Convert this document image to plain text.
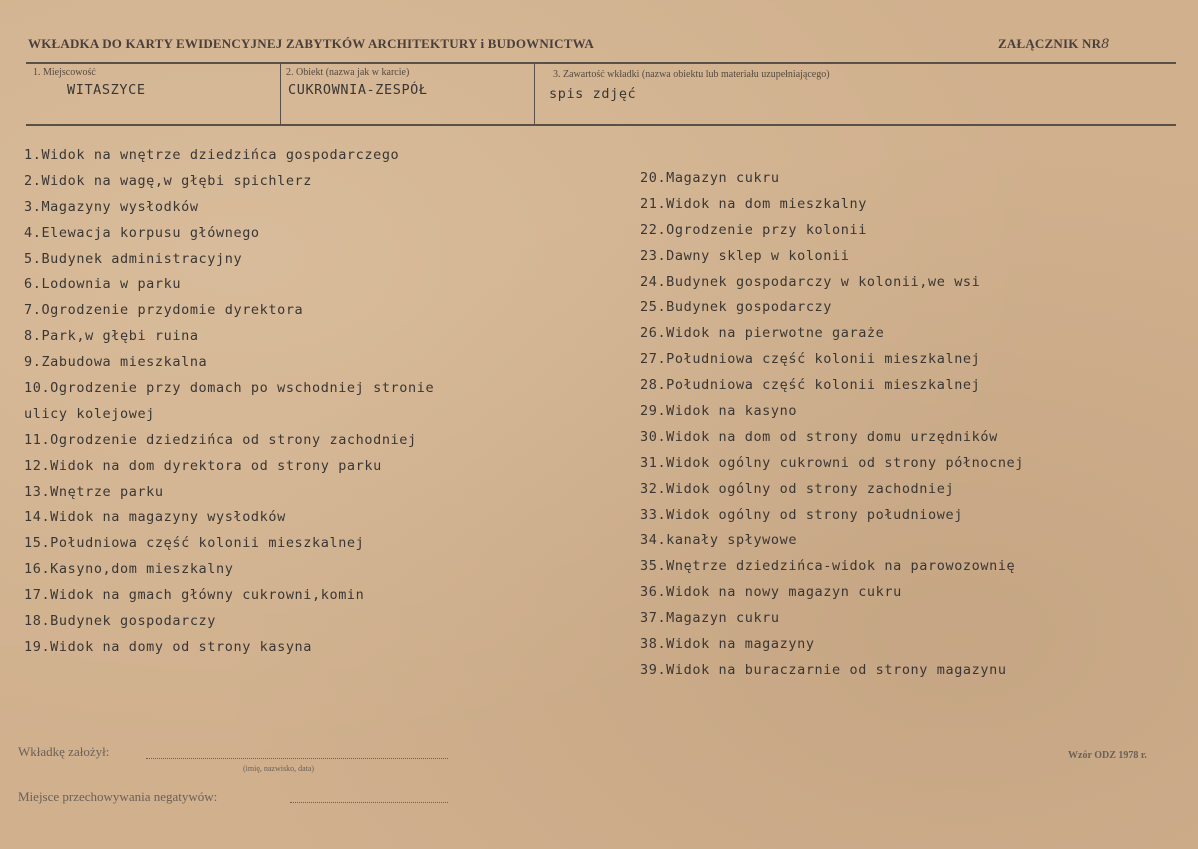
WKŁADKA DO KARTY EWIDENCYJNEJ ZABYTKÓW ARCHITEKTURY i BUDOWNICTWA	ZAŁĄCZNIK NR8
1. Miejscowość
WITASZYCE
2. Obiekt (nazwa jak w karcie)
CUKROWNIA-ZESPÓŁ
3. Zawartość wkładki (nazwa obiektu lub materiału uzupełniającego)
spis zdjęć
1.Widok na wnętrze dziedzińca gospodarczego
2.Widok na wagę,w głębi spichlerz
3.Magazyny wysłodków
4.Elewacja korpusu głównego
5.Budynek administracyjny
6.Lodownia w parku
7.Ogrodzenie przydomie dyrektora
8.Park,w głębi ruina
9.Zabudowa mieszkalna
10.Ogrodzenie przy domach po wschodniej stronie
ulicy kolejowej
11.Ogrodzenie dziedzińca od strony zachodniej
12.Widok na dom dyrektora od strony parku
13.Wnętrze parku
14.Widok na magazyny wysłodków
15.Południowa część kolonii mieszkalnej
16.Kasyno,dom mieszkalny
17.Widok na gmach główny cukrowni,komin
18.Budynek gospodarczy
19.Widok na domy od strony kasyna
20.Magazyn cukru
21.Widok na dom mieszkalny
22.Ogrodzenie przy kolonii
23.Dawny sklep w kolonii
24.Budynek gospodarczy w kolonii,we wsi
25.Budynek gospodarczy
26.Widok na pierwotne garaże
27.Południowa część kolonii mieszkalnej
28.Południowa część kolonii mieszkalnej
29.Widok na kasyno
30.Widok na dom od strony domu urzędników
31.Widok ogólny cukrowni od strony północnej
32.Widok ogólny od strony zachodniej
33.Widok ogólny od strony południowej
34.kanały spływowe
35.Wnętrze dziedzińca-widok na parowozownię
36.Widok na nowy magazyn cukru
37.Magazyn cukru
38.Widok na magazyny
39.Widok na buraczarnie od strony magazynu
Wkładkę założył:
(imię, nazwisko, data)
Miejsce przechowywania negatywów:
Wzór ODZ 1978 r.
